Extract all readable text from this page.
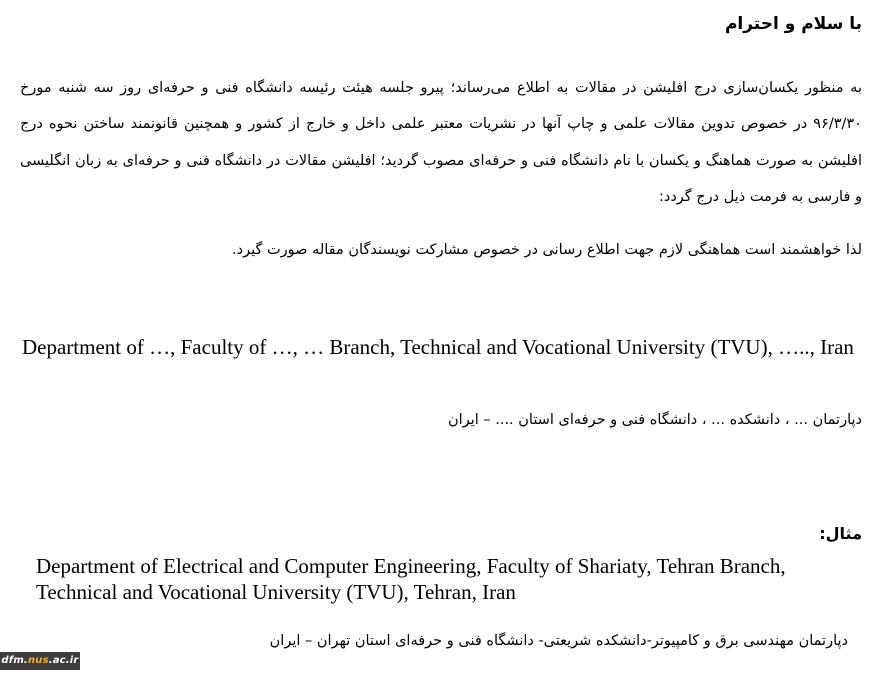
با سلام و احترام

به منظور یکسان‌سازی درج افلیشن در مقالات به اطلاع می‌رساند؛ پیرو جلسه هیئت رئیسه دانشگاه فنی و حرفه‌ای روز سه شنبه مورخ ۹۶/۳/۳۰ در خصوص تدوین مقالات علمی و چاپ آنها در نشریات معتبر علمی داخل و خارج از کشور و همچنین قانونمند ساختن نحوه درج افلیشن به صورت هماهنگ و یکسان با نام دانشگاه فنی و حرفه‌ای مصوب گردید؛ افلیشن مقالات در دانشگاه فنی و حرفه‌ای به زبان انگلیسی و فارسی به فرمت ذیل درج گردد:

لذا خواهشمند است هماهنگی لازم جهت اطلاع رسانی در خصوص مشارکت نویسندگان مقاله صورت گیرد.

Department of …, Faculty of …, … Branch, Technical and Vocational University (TVU), ….., Iran

دپارتمان ... ، دانشکده ... ، دانشگاه فنی و حرفه‌ای استان .... – ایران

مثال:

Department of Electrical and Computer Engineering, Faculty of Shariaty, Tehran Branch, Technical and Vocational University (TVU), Tehran, Iran

دپارتمان مهندسی برق و کامپیوتر-دانشکده شریعتی- دانشگاه فنی و حرفه‌ای استان تهران – ایران

dfm.nus.ac.ir
